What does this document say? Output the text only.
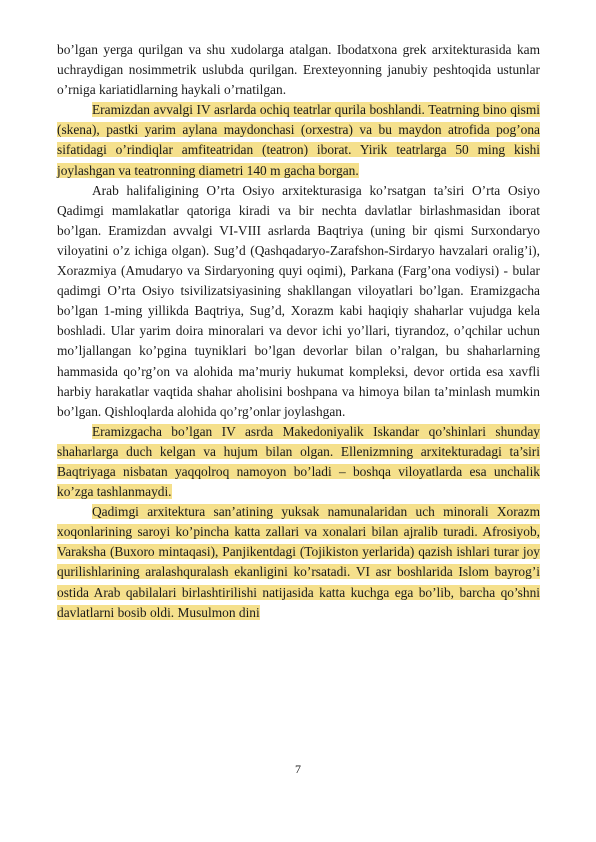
bo’lgan yerga qurilgan va shu xudolarga atalgan. Ibodatxona grek arxitekturasida kam uchraydigan nosimmetrik uslubda qurilgan. Erexteyonning janubiy peshtoqida ustunlar o’rniga kariatidlarning haykali o’rnatilgan.

Eramizdan avvalgi IV asrlarda ochiq teatrlar qurila boshlandi. Teatrning bino qismi (skena), pastki yarim aylana maydonchasi (orxestra) va bu maydon atrofida pog’ona sifatidagi o’rindiqlar amfiteatridan (teatron) iborat. Yirik teatrlarga 50 ming kishi joylashgan va teatronning diametri 140 m gacha borgan.

Arab halifaligining O’rta Osiyo arxitekturasiga ko’rsatgan ta’siri O’rta Osiyo Qadimgi mamlakatlar qatoriga kiradi va bir nechta davlatlar birlashmasidan iborat bo’lgan. Eramizdan avvalgi VI-VIII asrlarda Baqtriya (uning bir qismi Surxondaryo viloyatini o’z ichiga olgan). Sug’d (Qashqadaryo-Zarafshon-Sirdaryo havzalari oralig’i), Xorazmiya (Amudaryo va Sirdaryoning quyi oqimi), Parkana (Farg’ona vodiysi) - bular qadimgi O’rta Osiyo tsivilizatsiyasining shakllangan viloyatlari bo’lgan. Eramizgacha bo’lgan 1-ming yillikda Baqtriya, Sug’d, Xorazm kabi haqiqiy shaharlar vujudga kela boshladi. Ular yarim doira minoralari va devor ichi yo’llari, tiyrandoz, o’qchilar uchun mo’ljallangan ko’pgina tuyniklari bo’lgan devorlar bilan o’ralgan, bu shaharlarning hammasida qo’rg’on va alohida ma’muriy hukumat kompleksi, devor ortida esa xavfli harbiy harakatlar vaqtida shahar aholisini boshpana va himoya bilan ta’minlash mumkin bo’lgan. Qishloqlarda alohida qo’rg’onlar joylashgan.

Eramizgacha bo’lgan IV asrda Makedoniyalik Iskandar qo’shinlari shunday shaharlarga duch kelgan va hujum bilan olgan. Ellenizmning arxitekturadagi ta’siri Baqtriyaga nisbatan yaqqolroq namoyon bo’ladi – boshqa viloyatlarda esa unchalik ko’zga tashlanmaydi.

Qadimgi arxitektura san’atining yuksak namunalaridan uch minorali Xorazm xoqonlarining saroyi ko’pincha katta zallari va xonalari bilan ajralib turadi. Afrosiyob, Varaksha (Buxoro mintaqasi), Panjikentdagi (Tojikiston yerlarida) qazish ishlari turar joy qurilishlarining aralashquralash ekanligini ko’rsatadi. VI asr boshlarida Islom bayrog’i ostida Arab qabilalari birlashtirilishi natijasida katta kuchga ega bo’lib, barcha qo’shni davlatlarni bosib oldi. Musulmon dini

7
